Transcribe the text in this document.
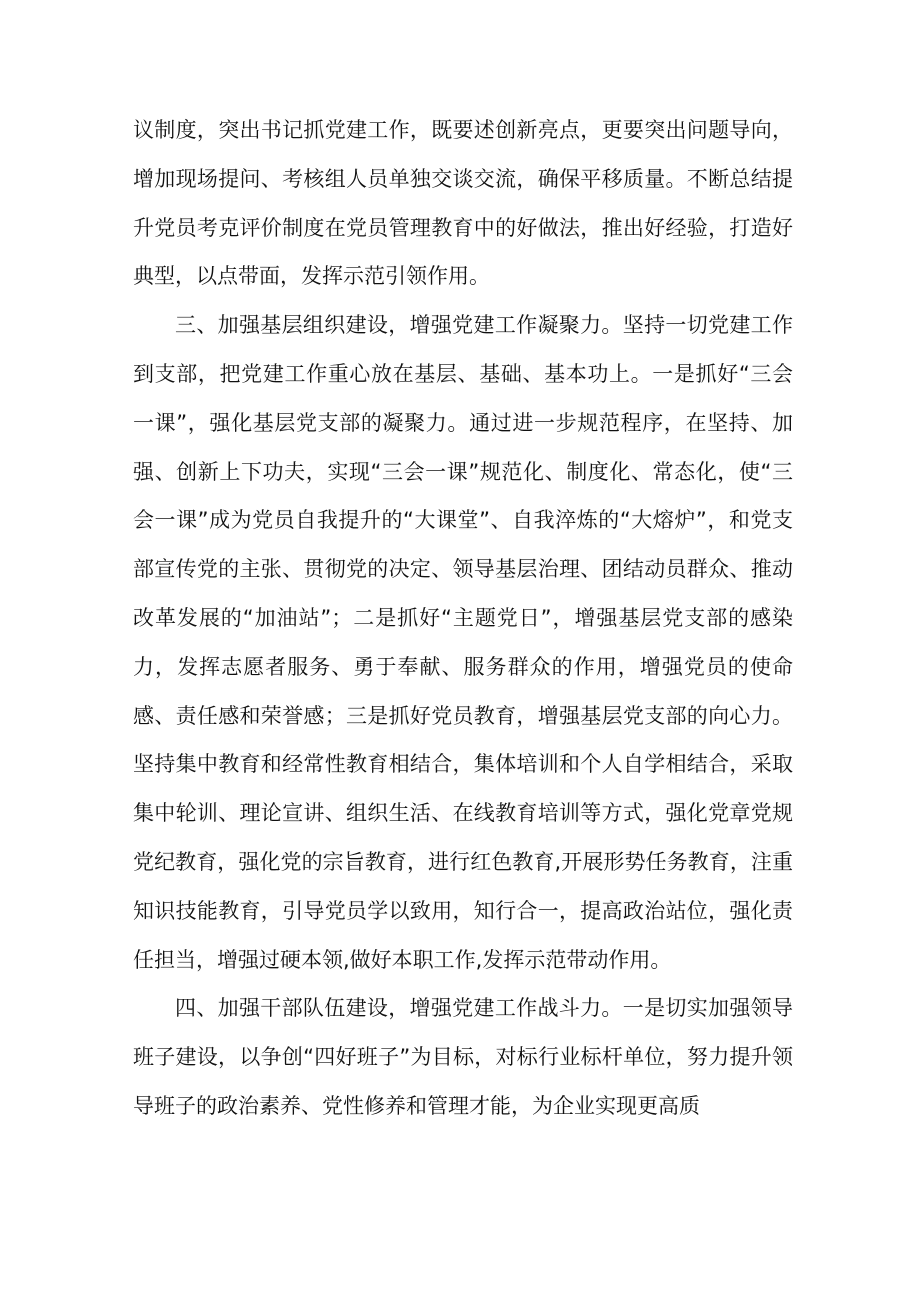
议制度，突出书记抓党建工作，既要述创新亮点，更要突出问题导向，增加现场提问、考核组人员单独交谈交流，确保平移质量。不断总结提升党员考克评价制度在党员管理教育中的好做法，推出好经验，打造好典型，以点带面，发挥示范引领作用。

三、加强基层组织建设，增强党建工作凝聚力。坚持一切党建工作到支部，把党建工作重心放在基层、基础、基本功上。一是抓好“三会一课”，强化基层党支部的凝聚力。通过进一步规范程序，在坚持、加强、创新上下功夫，实现“三会一课”规范化、制度化、常态化，使“三会一课”成为党员自我提升的“大课堂”、自我淬炼的“大熔炉”，和党支部宣传党的主张、贯彻党的决定、领导基层治理、团结动员群众、推动改革发展的“加油站”；二是抓好“主题党日”，增强基层党支部的感染力，发挥志愿者服务、勇于奉献、服务群众的作用，增强党员的使命感、责任感和荣誉感；三是抓好党员教育，增强基层党支部的向心力。坚持集中教育和经常性教育相结合，集体培训和个人自学相结合，采取集中轮训、理论宣讲、组织生活、在线教育培训等方式，强化党章党规党纪教育，强化党的宗旨教育，进行红色教育,开展形势任务教育，注重知识技能教育，引导党员学以致用，知行合一，提高政治站位，强化责任担当，增强过硬本领,做好本职工作,发挥示范带动作用。

四、加强干部队伍建设，增强党建工作战斗力。一是切实加强领导班子建设，以争创“四好班子”为目标，对标行业标杆单位，努力提升领导班子的政治素养、党性修养和管理才能，为企业实现更高质
